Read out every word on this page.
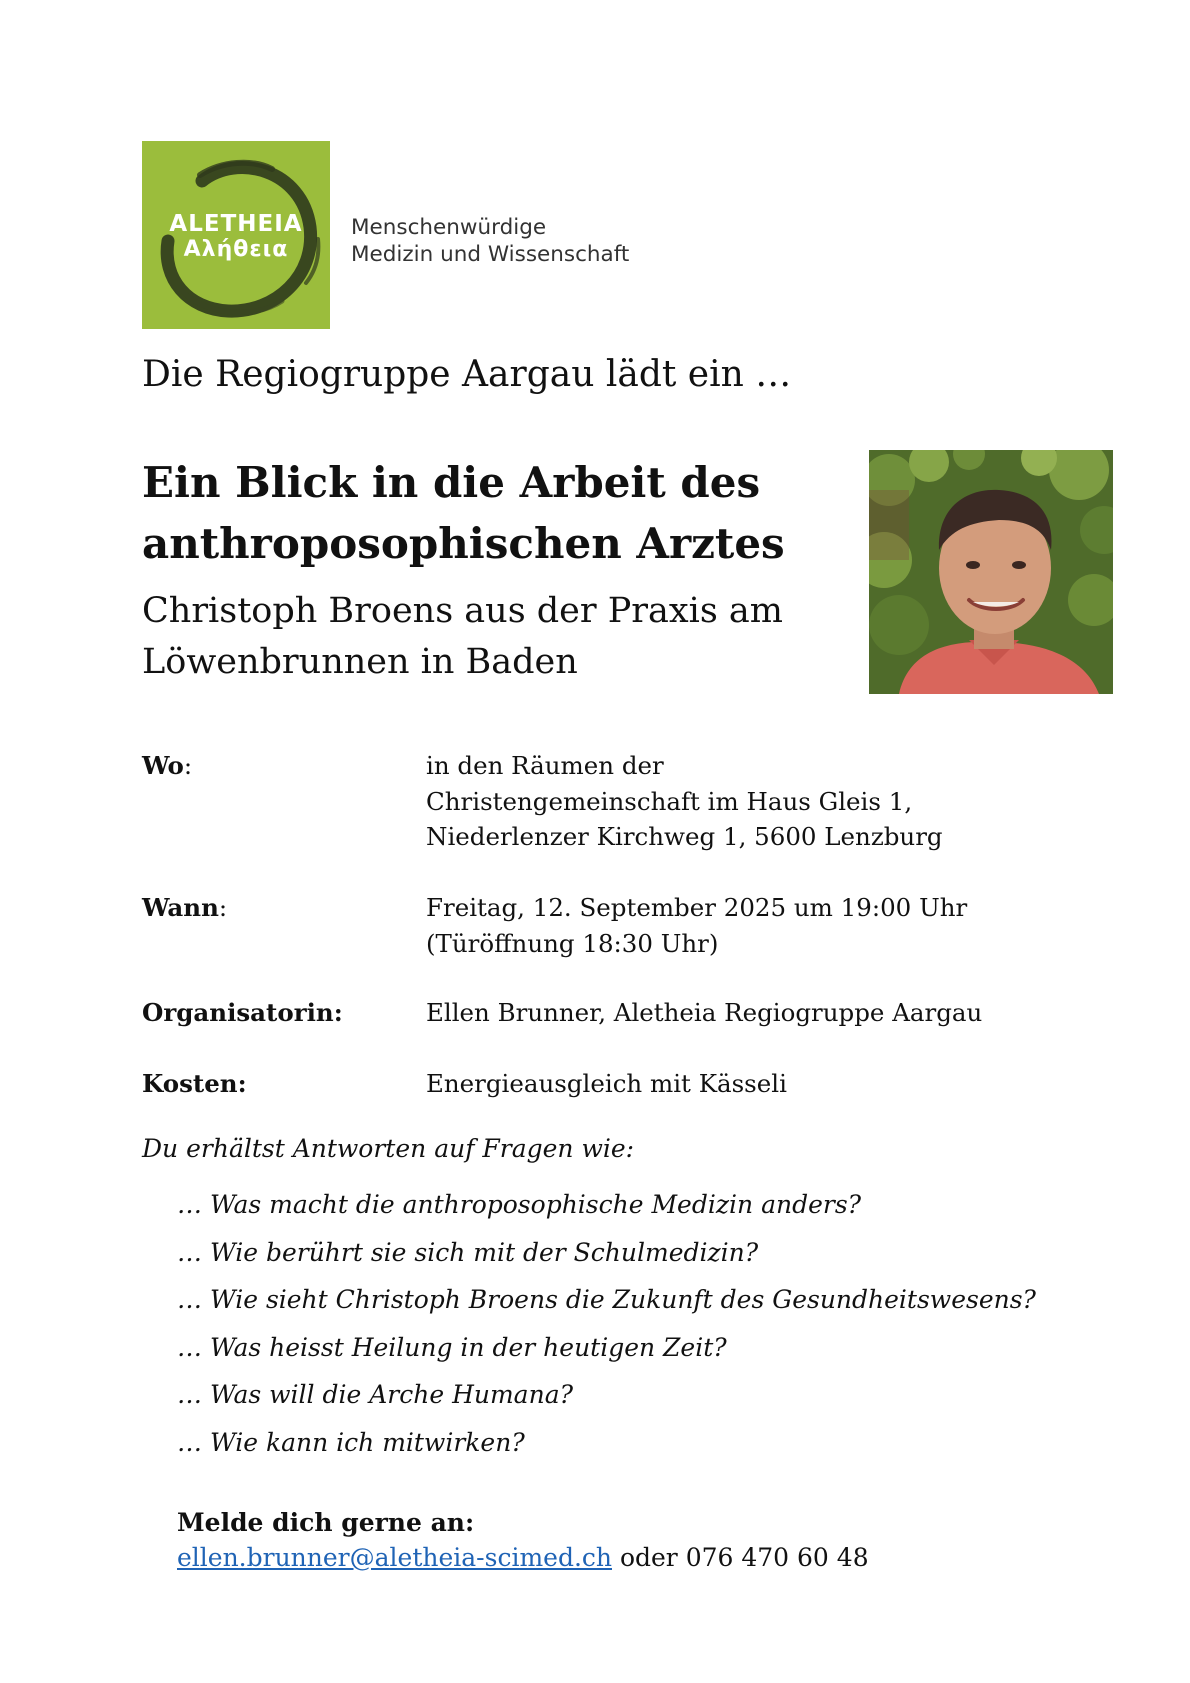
ALETHEIA
Αλήθεια
Menschenwürdige
Medizin und Wissenschaft
Die Regiogruppe Aargau lädt ein …
Ein Blick in die Arbeit des
anthroposophischen Arztes
Christoph Broens aus der Praxis am
Löwenbrunnen in Baden
Wo:	in den Räumen der
Christengemeinschaft im Haus Gleis 1,
Niederlenzer Kirchweg 1, 5600 Lenzburg
Wann:	Freitag, 12. September 2025 um 19:00 Uhr
(Türöffnung 18:30 Uhr)
Organisatorin:	Ellen Brunner, Aletheia Regiogruppe Aargau
Kosten:	Energieausgleich mit Kässeli
Du erhältst Antworten auf Fragen wie:
… Was macht die anthroposophische Medizin anders?
… Wie berührt sie sich mit der Schulmedizin?
… Wie sieht Christoph Broens die Zukunft des Gesundheitswesens?
… Was heisst Heilung in der heutigen Zeit?
… Was will die Arche Humana?
… Wie kann ich mitwirken?
Melde dich gerne an:
ellen.brunner@aletheia-scimed.ch oder 076 470 60 48
